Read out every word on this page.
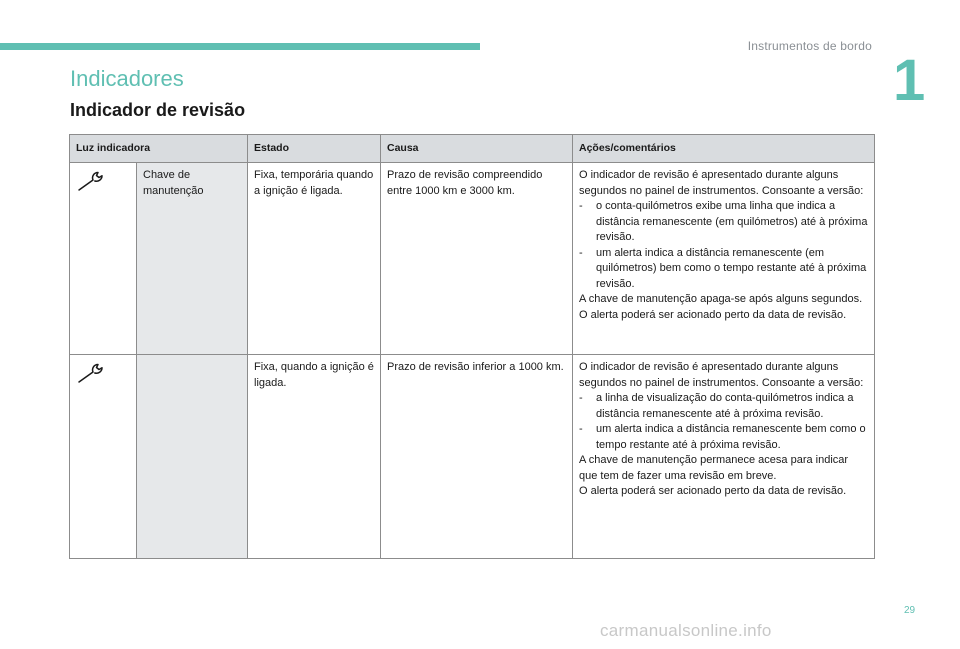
Instrumentos de bordo
1
Indicadores
Indicador de revisão
Luz indicadora		Estado	Causa	Ações/comentários
	Chave de manutenção	Fixa, temporária quando a ignição é ligada.	Prazo de revisão compreendido entre 1000 km e 3000 km.	O indicador de revisão é apresentado durante alguns segundos no painel de instrumentos. Consoante a versão:
- o conta-quilómetros exibe uma linha que indica a distância remanescente (em quilómetros) até à próxima revisão.
- um alerta indica a distância remanescente (em quilómetros) bem como o tempo restante até à próxima revisão.
A chave de manutenção apaga-se após alguns segundos.
O alerta poderá ser acionado perto da data de revisão.

		Fixa, quando a ignição é ligada.	Prazo de revisão inferior a 1000 km.	O indicador de revisão é apresentado durante alguns segundos no painel de instrumentos. Consoante a versão:
- a linha de visualização do conta-quilómetros indica a distância remanescente até à próxima revisão.
- um alerta indica a distância remanescente bem como o tempo restante até à próxima revisão.
A chave de manutenção permanece acesa para indicar que tem de fazer uma revisão em breve.
O alerta poderá ser acionado perto da data de revisão.
29
carmanualsonline.info
